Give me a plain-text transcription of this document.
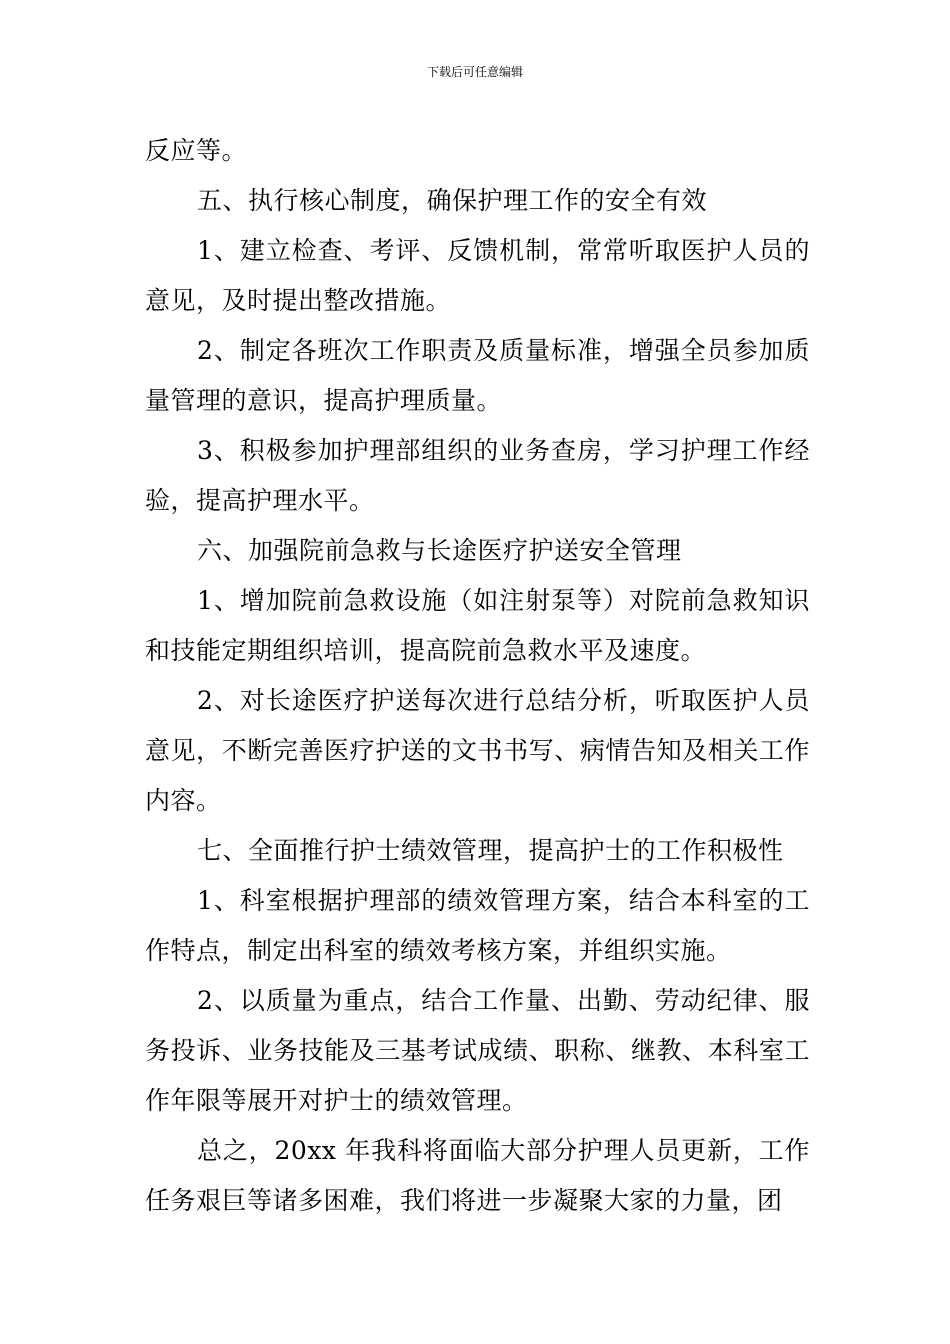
下载后可任意编辑

反应等。

五、执行核心制度，确保护理工作的安全有效

1、建立检查、考评、反馈机制，常常听取医护人员的意见，及时提出整改措施。

2、制定各班次工作职责及质量标准，增强全员参加质量管理的意识，提高护理质量。

3、积极参加护理部组织的业务查房，学习护理工作经验，提高护理水平。

六、加强院前急救与长途医疗护送安全管理

1、增加院前急救设施（如注射泵等）对院前急救知识和技能定期组织培训，提高院前急救水平及速度。

2、对长途医疗护送每次进行总结分析，听取医护人员意见，不断完善医疗护送的文书书写、病情告知及相关工作内容。

七、全面推行护士绩效管理，提高护士的工作积极性

1、科室根据护理部的绩效管理方案，结合本科室的工作特点，制定出科室的绩效考核方案，并组织实施。

2、以质量为重点，结合工作量、出勤、劳动纪律、服务投诉、业务技能及三基考试成绩、职称、继教、本科室工作年限等展开对护士的绩效管理。

总之，20xx 年我科将面临大部分护理人员更新，工作任务艰巨等诸多困难，我们将进一步凝聚大家的力量，团
